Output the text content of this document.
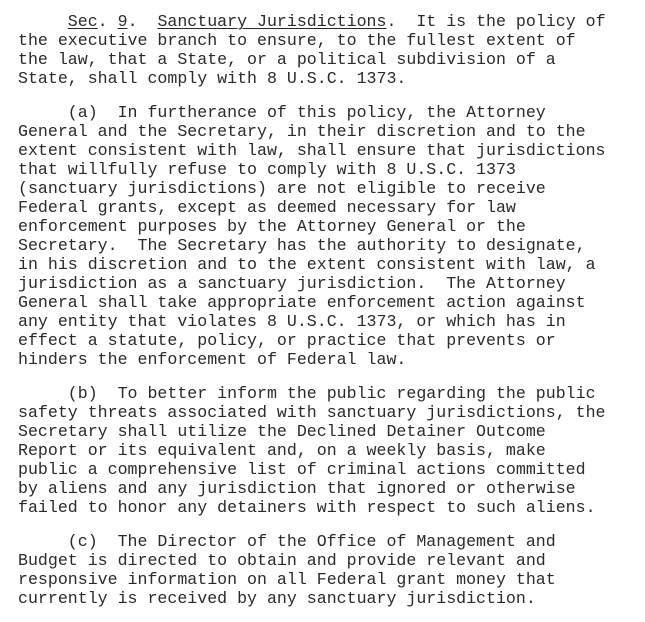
Sec. 9.  Sanctuary Jurisdictions.  It is the policy of
the executive branch to ensure, to the fullest extent of
the law, that a State, or a political subdivision of a
State, shall comply with 8 U.S.C. 1373.

(a)  In furtherance of this policy, the Attorney
General and the Secretary, in their discretion and to the
extent consistent with law, shall ensure that jurisdictions
that willfully refuse to comply with 8 U.S.C. 1373
(sanctuary jurisdictions) are not eligible to receive
Federal grants, except as deemed necessary for law
enforcement purposes by the Attorney General or the
Secretary.  The Secretary has the authority to designate,
in his discretion and to the extent consistent with law, a
jurisdiction as a sanctuary jurisdiction.  The Attorney
General shall take appropriate enforcement action against
any entity that violates 8 U.S.C. 1373, or which has in
effect a statute, policy, or practice that prevents or
hinders the enforcement of Federal law.

(b)  To better inform the public regarding the public
safety threats associated with sanctuary jurisdictions, the
Secretary shall utilize the Declined Detainer Outcome
Report or its equivalent and, on a weekly basis, make
public a comprehensive list of criminal actions committed
by aliens and any jurisdiction that ignored or otherwise
failed to honor any detainers with respect to such aliens.

(c)  The Director of the Office of Management and
Budget is directed to obtain and provide relevant and
responsive information on all Federal grant money that
currently is received by any sanctuary jurisdiction.
